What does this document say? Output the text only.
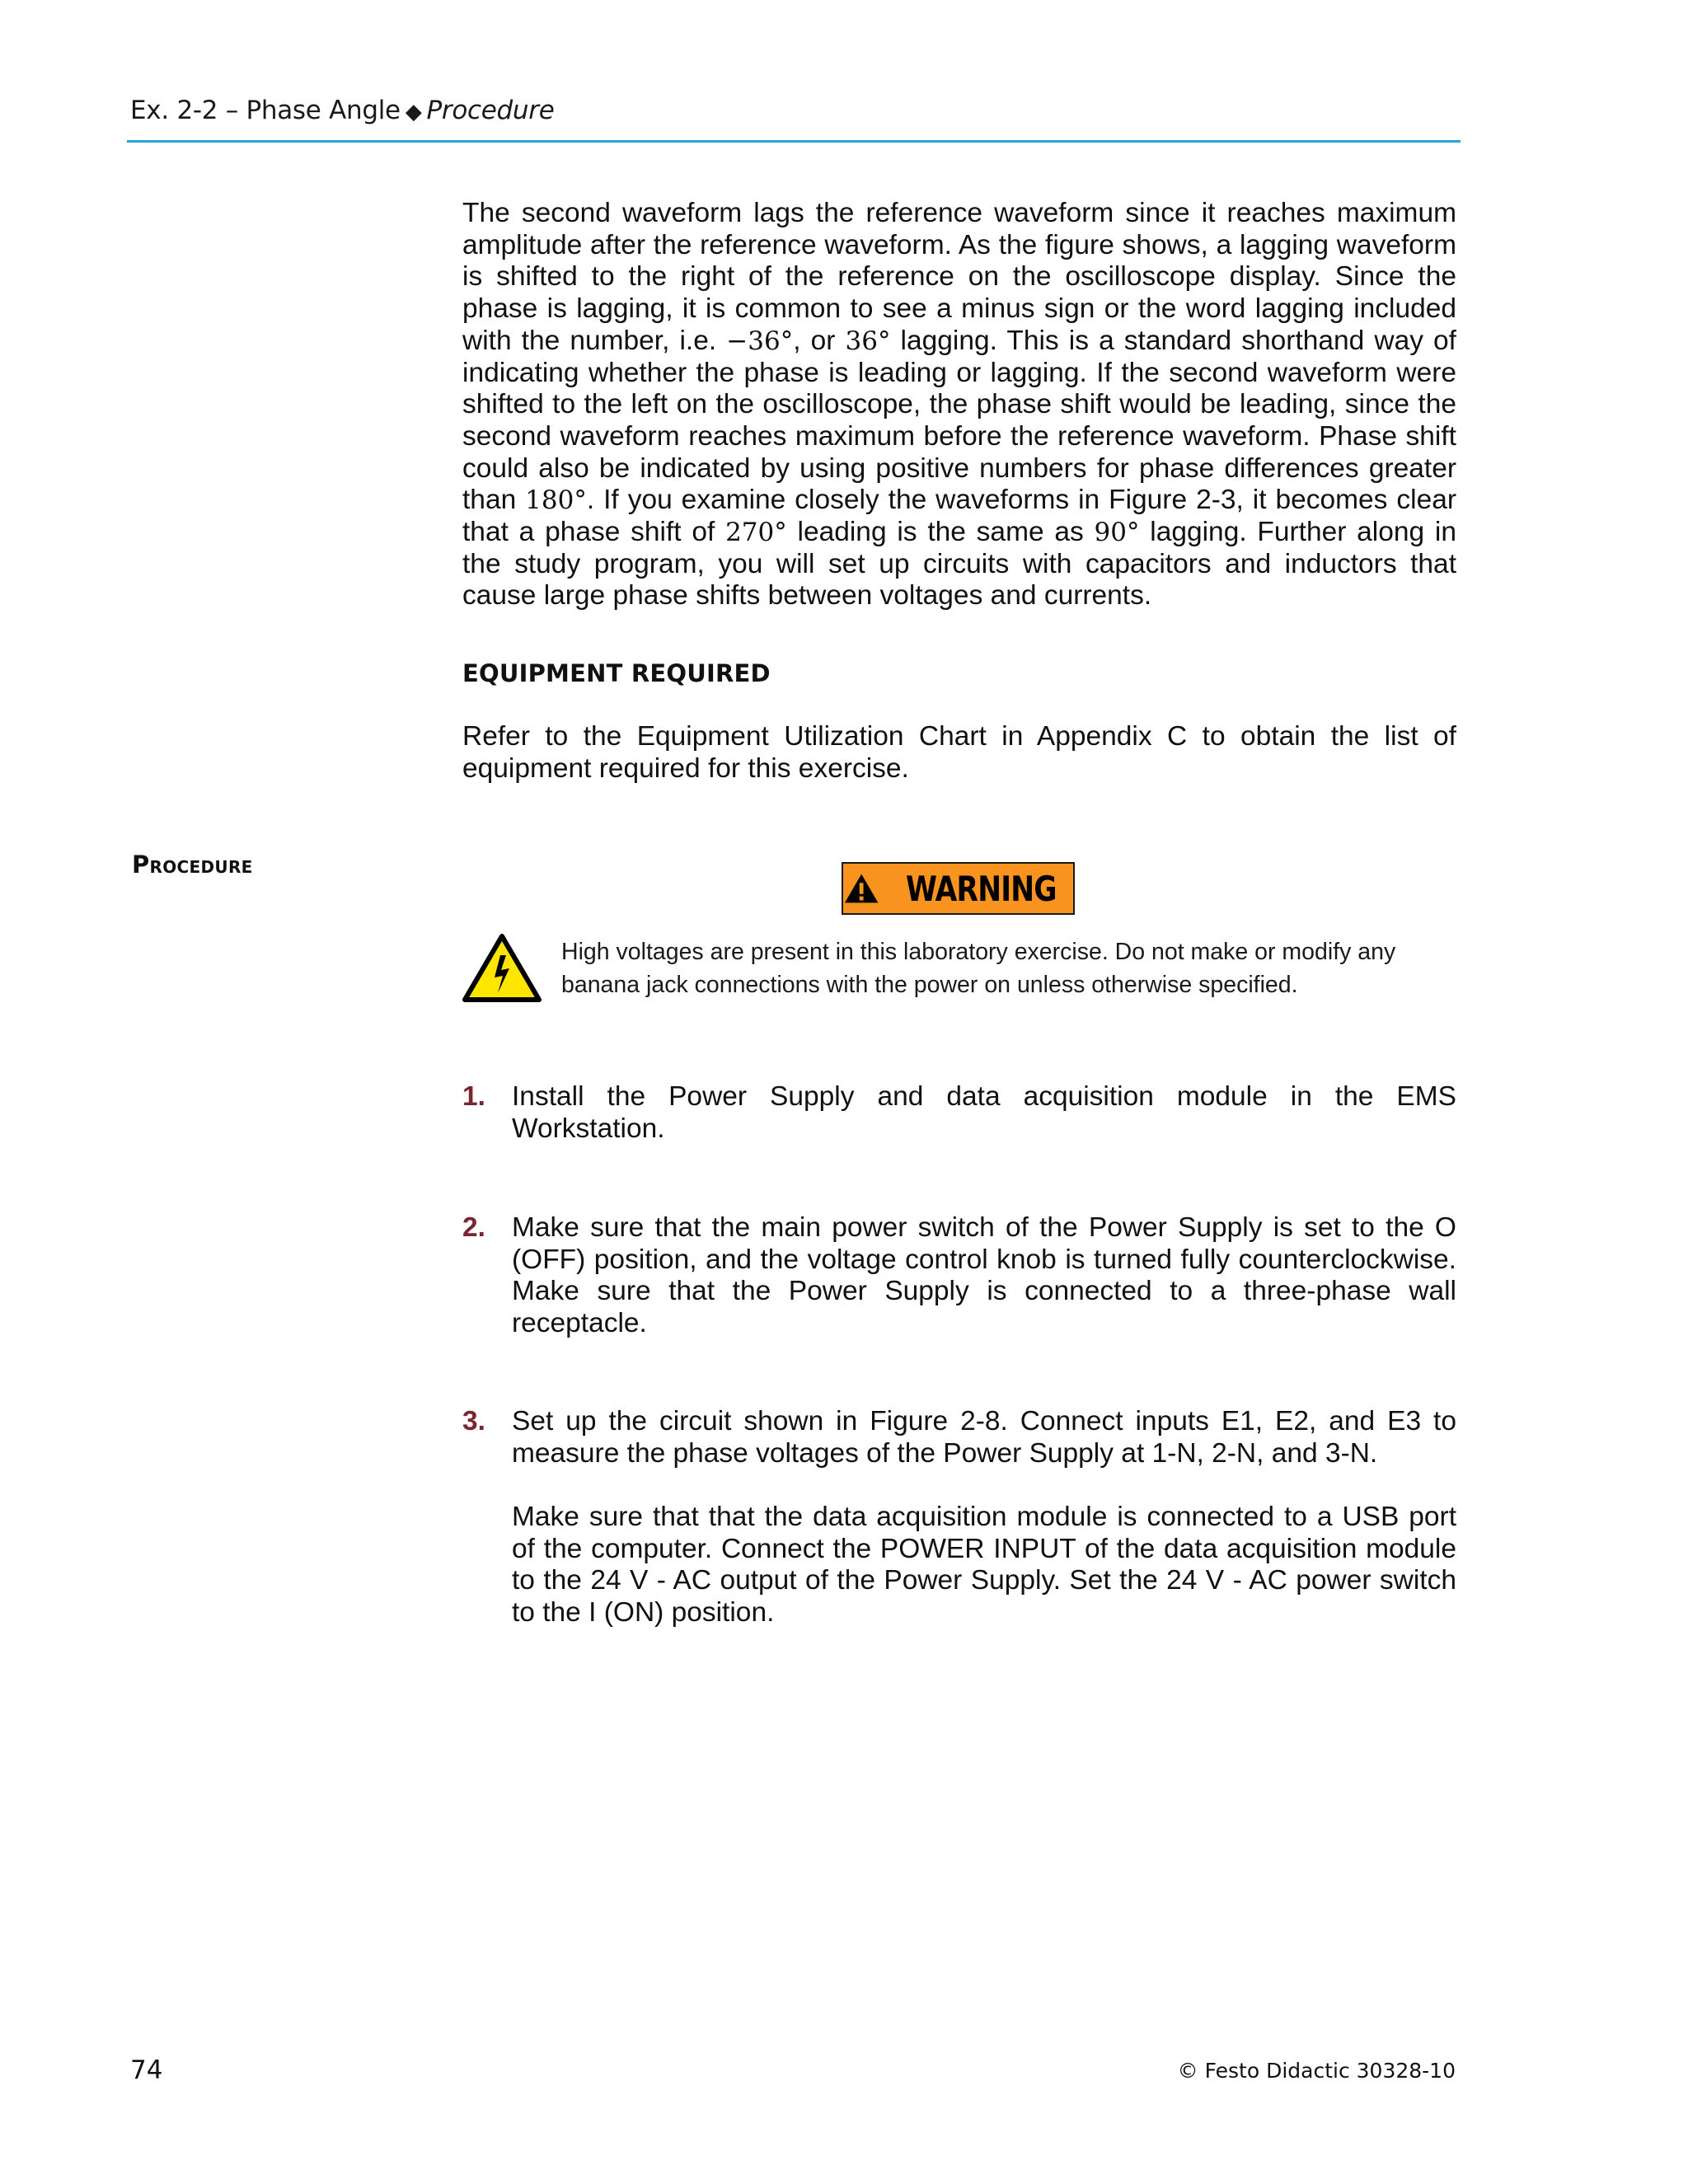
Ex. 2-2 – Phase Angle ◆ Procedure

The second waveform lags the reference waveform since it reaches maximum amplitude after the reference waveform. As the figure shows, a lagging waveform is shifted to the right of the reference on the oscilloscope display. Since the phase is lagging, it is common to see a minus sign or the word lagging included with the number, i.e. −36°, or 36° lagging. This is a standard shorthand way of indicating whether the phase is leading or lagging. If the second waveform were shifted to the left on the oscilloscope, the phase shift would be leading, since the second waveform reaches maximum before the reference waveform. Phase shift could also be indicated by using positive numbers for phase differences greater than 180°. If you examine closely the waveforms in Figure 2-3, it becomes clear that a phase shift of 270° leading is the same as 90° lagging. Further along in the study program, you will set up circuits with capacitors and inductors that cause large phase shifts between voltages and currents.

EQUIPMENT REQUIRED

Refer to the Equipment Utilization Chart in Appendix C to obtain the list of equipment required for this exercise.

Procedure
WARNING

High voltages are present in this laboratory exercise. Do not make or modify any banana jack connections with the power on unless otherwise specified.

1. Install the Power Supply and data acquisition module in the EMS Workstation.

2. Make sure that the main power switch of the Power Supply is set to the O (OFF) position, and the voltage control knob is turned fully counterclockwise. Make sure that the Power Supply is connected to a three-phase wall receptacle.

3. Set up the circuit shown in Figure 2-8. Connect inputs E1, E2, and E3 to measure the phase voltages of the Power Supply at 1-N, 2-N, and 3-N.

Make sure that that the data acquisition module is connected to a USB port of the computer. Connect the POWER INPUT of the data acquisition module to the 24 V - AC output of the Power Supply. Set the 24 V - AC power switch to the I (ON) position.

74	© Festo Didactic 30328-10
